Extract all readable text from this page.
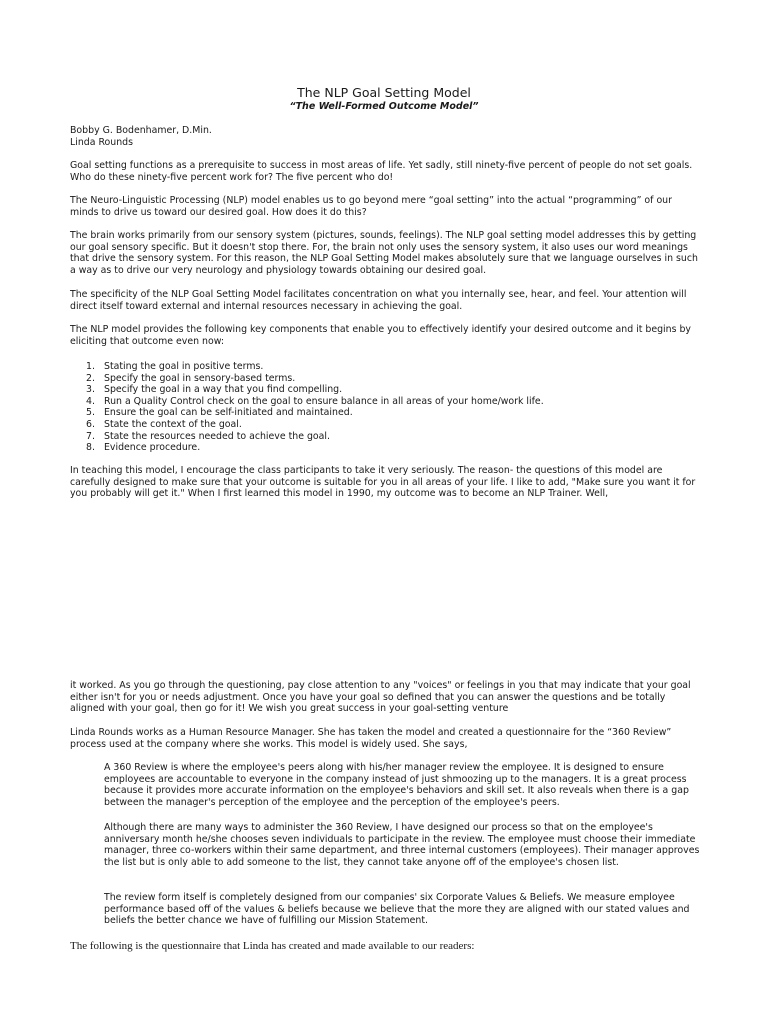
The NLP Goal Setting Model
“The Well-Formed Outcome Model”

Bobby G. Bodenhamer, D.Min.

Linda Rounds

Goal setting functions as a prerequisite to success in most areas of life. Yet sadly, still ninety-five percent of people do not set goals. Who do these ninety-five percent work for? The five percent who do!

The Neuro-Linguistic Processing (NLP) model enables us to go beyond mere “goal setting” into the actual “programming” of our minds to drive us toward our desired goal. How does it do this?

The brain works primarily from our sensory system (pictures, sounds, feelings). The NLP goal setting model addresses this by getting our goal sensory specific. But it doesn't stop there. For, the brain not only uses the sensory system, it also uses our word meanings that drive the sensory system. For this reason, the NLP Goal Setting Model makes absolutely sure that we language ourselves in such a way as to drive our very neurology and physiology towards obtaining our desired goal.

The specificity of the NLP Goal Setting Model facilitates concentration on what you internally see, hear, and feel. Your attention will direct itself toward external and internal resources necessary in achieving the goal.

The NLP model provides the following key components that enable you to effectively identify your desired outcome and it begins by eliciting that outcome even now:

1. Stating the goal in positive terms.
2. Specify the goal in sensory-based terms.
3. Specify the goal in a way that you find compelling.
4. Run a Quality Control check on the goal to ensure balance in all areas of your home/work life.
5. Ensure the goal can be self-initiated and maintained.
6. State the context of the goal.
7. State the resources needed to achieve the goal.
8. Evidence procedure.

In teaching this model, I encourage the class participants to take it very seriously. The reason- the questions of this model are carefully designed to make sure that your outcome is suitable for you in all areas of your life. I like to add, "Make sure you want it for you probably will get it." When I first learned this model in 1990, my outcome was to become an NLP Trainer. Well,

it worked. As you go through the questioning, pay close attention to any "voices" or feelings in you that may indicate that your goal either isn't for you or needs adjustment. Once you have your goal so defined that you can answer the questions and be totally aligned with your goal, then go for it! We wish you great success in your goal-setting venture

Linda Rounds works as a Human Resource Manager. She has taken the model and created a questionnaire for the “360 Review” process used at the company where she works. This model is widely used. She says,

A 360 Review is where the employee's peers along with his/her manager review the employee. It is designed to ensure employees are accountable to everyone in the company instead of just shmoozing up to the managers. It is a great process because it provides more accurate information on the employee's behaviors and skill set. It also reveals when there is a gap between the manager's perception of the employee and the perception of the employee's peers.

Although there are many ways to administer the 360 Review, I have designed our process so that on the employee's anniversary month he/she chooses seven individuals to participate in the review. The employee must choose their immediate manager, three co-workers within their same department, and three internal customers (employees). Their manager approves the list but is only able to add someone to the list, they cannot take anyone off of the employee's chosen list.

The review form itself is completely designed from our companies' six Corporate Values & Beliefs. We measure employee performance based off of the values & beliefs because we believe that the more they are aligned with our stated values and beliefs the better chance we have of fulfilling our Mission Statement.

The following is the questionnaire that Linda has created and made available to our readers:
